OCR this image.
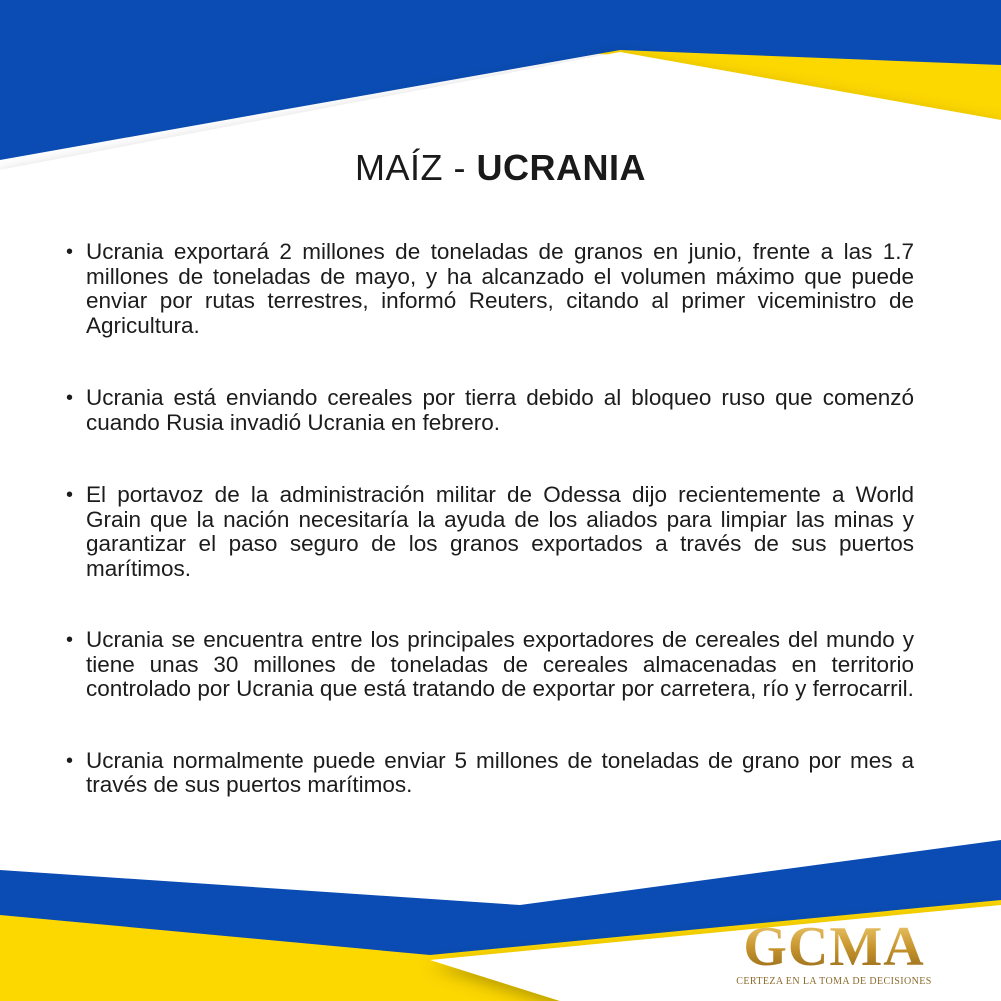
MAÍZ - UCRANIA
• Ucrania exportará 2 millones de toneladas de granos en junio, frente a las 1.7 millones de toneladas de mayo, y ha alcanzado el volumen máximo que puede enviar por rutas terrestres, informó Reuters, citando al primer viceministro de Agricultura.
• Ucrania está enviando cereales por tierra debido al bloqueo ruso que comenzó cuando Rusia invadió Ucrania en febrero.
• El portavoz de la administración militar de Odessa dijo recientemente a World Grain que la nación necesitaría la ayuda de los aliados para limpiar las minas y garantizar el paso seguro de los granos exportados a través de sus puertos marítimos.
• Ucrania se encuentra entre los principales exportadores de cereales del mundo y tiene unas 30 millones de toneladas de cereales almacenadas en territorio controlado por Ucrania que está tratando de exportar por carretera, río y ferrocarril.
• Ucrania normalmente puede enviar 5 millones de toneladas de grano por mes a través de sus puertos marítimos.
GCMA
CERTEZA EN LA TOMA DE DECISIONES
